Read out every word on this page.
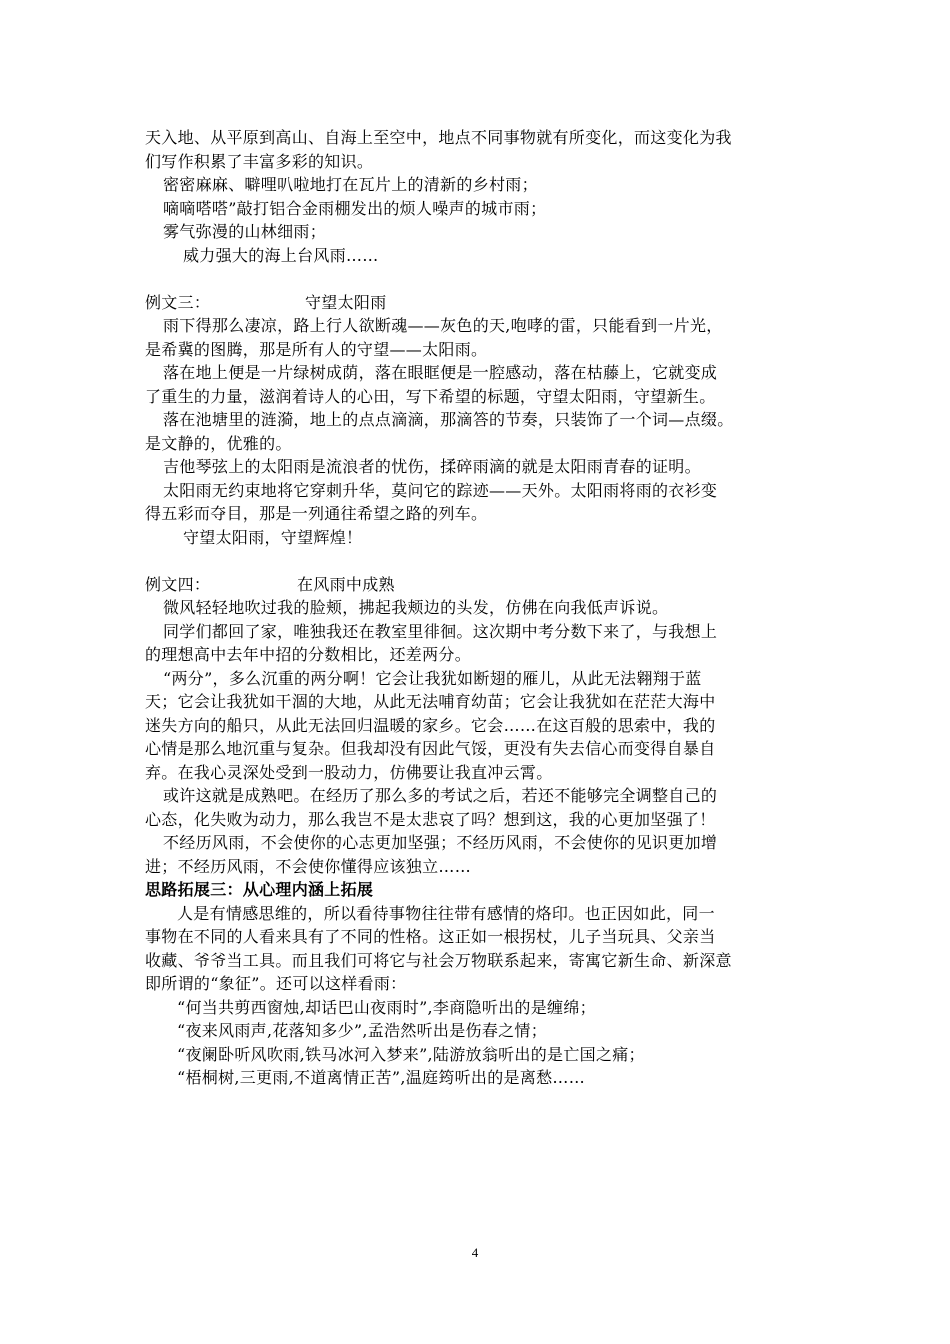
天入地、从平原到高山、自海上至空中，地点不同事物就有所变化，而这变化为我
们写作积累了丰富多彩的知识。
密密麻麻、噼哩叭啦地打在瓦片上的清新的乡村雨；
嘀嘀嗒嗒”敲打铝合金雨棚发出的烦人噪声的城市雨；
雾气弥漫的山林细雨；
威力强大的海上台风雨……
例文三：	守望太阳雨
雨下得那么凄凉，路上行人欲断魂——灰色的天,咆哮的雷，只能看到一片光，
是希冀的图腾，那是所有人的守望——太阳雨。
落在地上便是一片绿树成荫，落在眼眶便是一腔感动，落在枯藤上，它就变成
了重生的力量，滋润着诗人的心田，写下希望的标题，守望太阳雨，守望新生。
落在池塘里的涟漪，地上的点点滴滴，那滴答的节奏，只装饰了一个词—点缀。
是文静的，优雅的。
吉他琴弦上的太阳雨是流浪者的忧伤，揉碎雨滴的就是太阳雨青春的证明。
太阳雨无约束地将它穿刺升华，莫问它的踪迹——天外。太阳雨将雨的衣衫变
得五彩而夺目，那是一列通往希望之路的列车。
守望太阳雨，守望辉煌！
例文四：	在风雨中成熟
微风轻轻地吹过我的脸颊，拂起我颊边的头发，仿佛在向我低声诉说。
同学们都回了家，唯独我还在教室里徘徊。这次期中考分数下来了，与我想上
的理想高中去年中招的分数相比，还差两分。
“两分”，多么沉重的两分啊！它会让我犹如断翅的雁儿，从此无法翱翔于蓝
天；它会让我犹如干涸的大地，从此无法哺育幼苗；它会让我犹如在茫茫大海中
迷失方向的船只，从此无法回归温暖的家乡。它会……在这百般的思索中，我的
心情是那么地沉重与复杂。但我却没有因此气馁，更没有失去信心而变得自暴自
弃。在我心灵深处受到一股动力，仿佛要让我直冲云霄。
或许这就是成熟吧。在经历了那么多的考试之后，若还不能够完全调整自己的
心态，化失败为动力，那么我岂不是太悲哀了吗？想到这，我的心更加坚强了！
不经历风雨，不会使你的心志更加坚强；不经历风雨，不会使你的见识更加增
进；不经历风雨，不会使你懂得应该独立……
思路拓展三：从心理内涵上拓展
人是有情感思维的，所以看待事物往往带有感情的烙印。也正因如此，同一
事物在不同的人看来具有了不同的性格。这正如一根拐杖，儿子当玩具、父亲当
收藏、爷爷当工具。而且我们可将它与社会万物联系起来，寄寓它新生命、新深意
即所谓的“象征”。还可以这样看雨：
“何当共剪西窗烛,却话巴山夜雨时”,李商隐听出的是缠绵；
“夜来风雨声,花落知多少”,孟浩然听出是伤春之情；
“夜阑卧听风吹雨,铁马冰河入梦来”,陆游放翁听出的是亡国之痛；
“梧桐树,三更雨,不道离情正苦”,温庭筠听出的是离愁……
4
